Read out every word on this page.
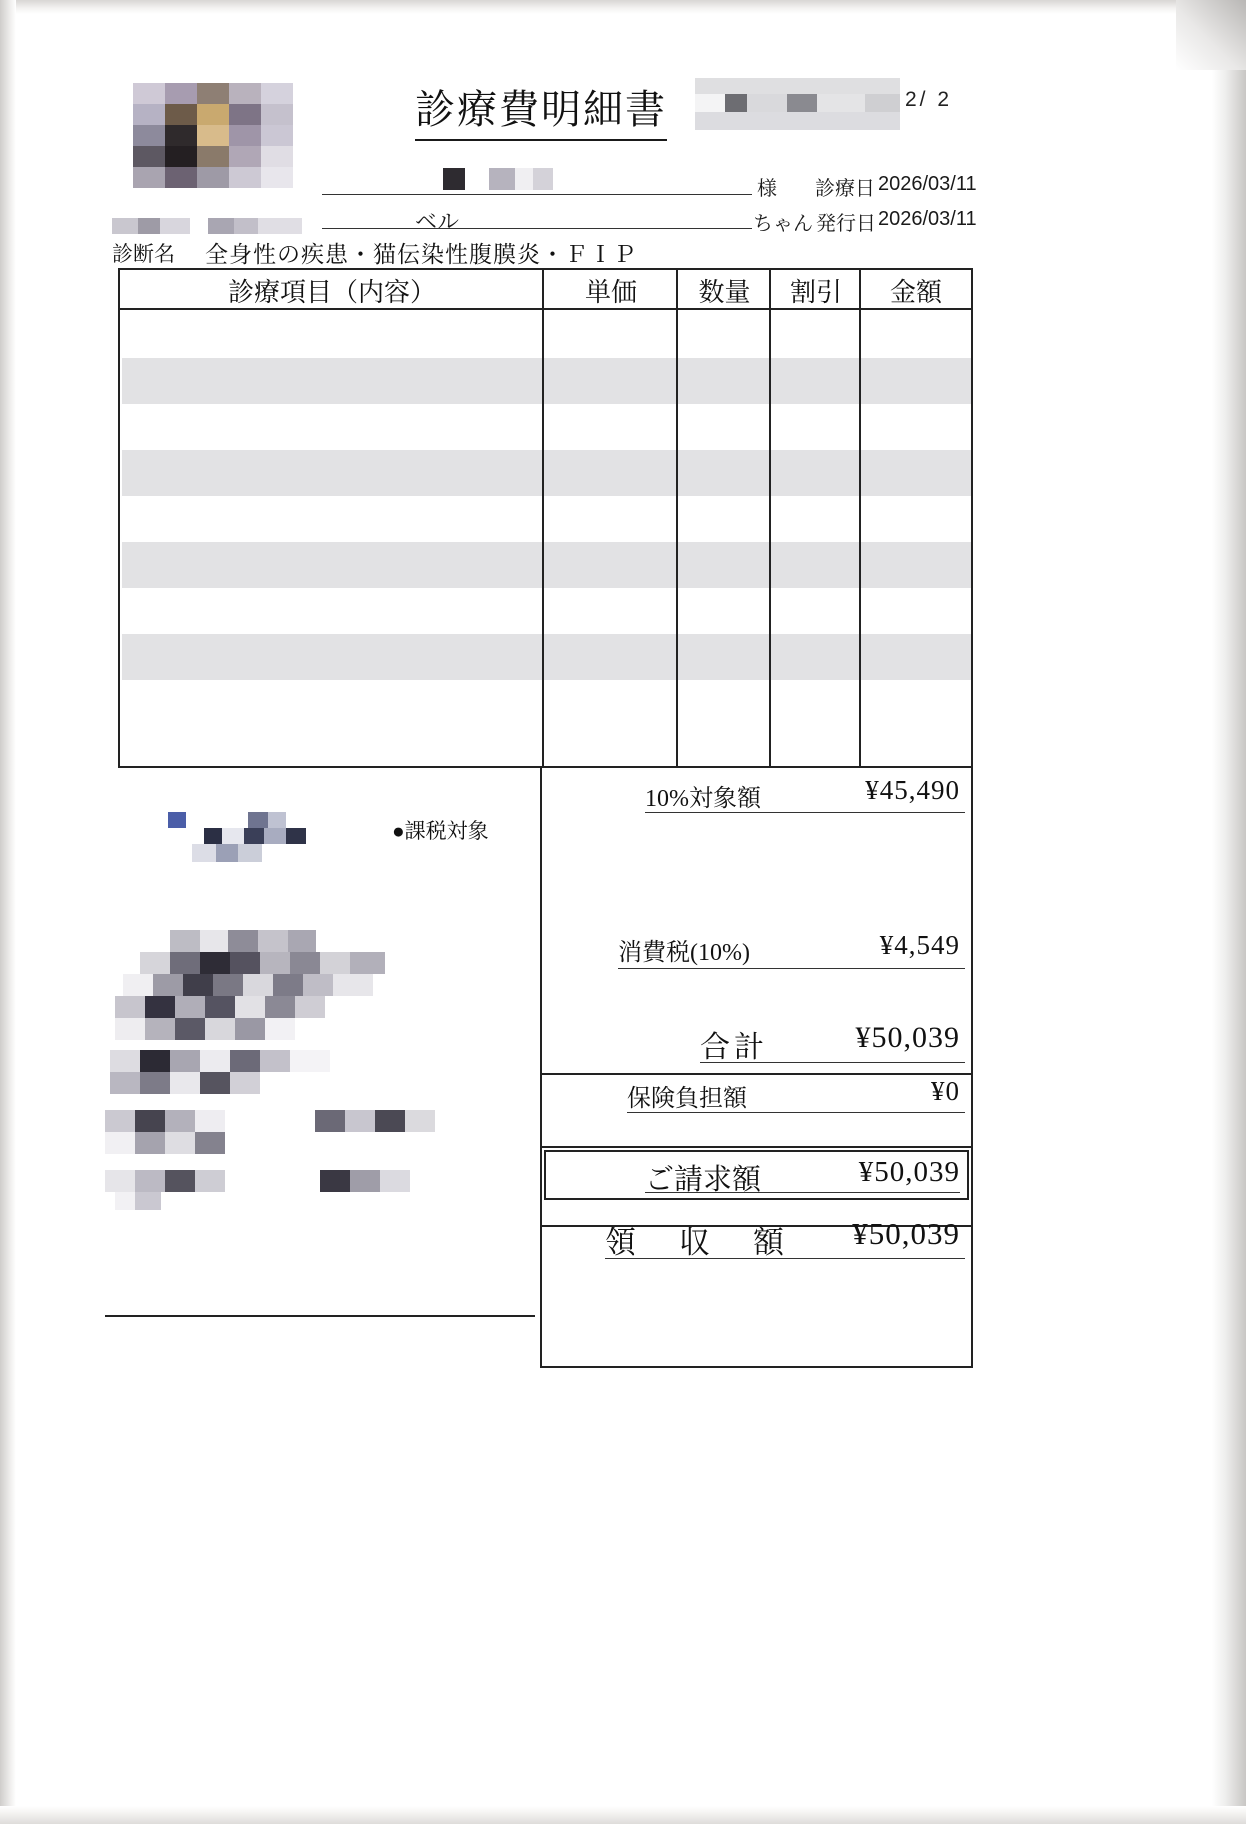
診療費明細書	2/ 2
様 診療日 2026/03/11
ベル	ちゃん 発行日 2026/03/11
診断名 全身性の疾患・猫伝染性腹膜炎・ＦＩＰ
診療項目（内容）	単価	数量	割引	金額
10%対象額	¥45,490
消費税(10%)	¥4,549
合計	¥50,039
保険負担額	¥0
ご請求額	¥50,039
領　収　額	¥50,039
●課税対象
